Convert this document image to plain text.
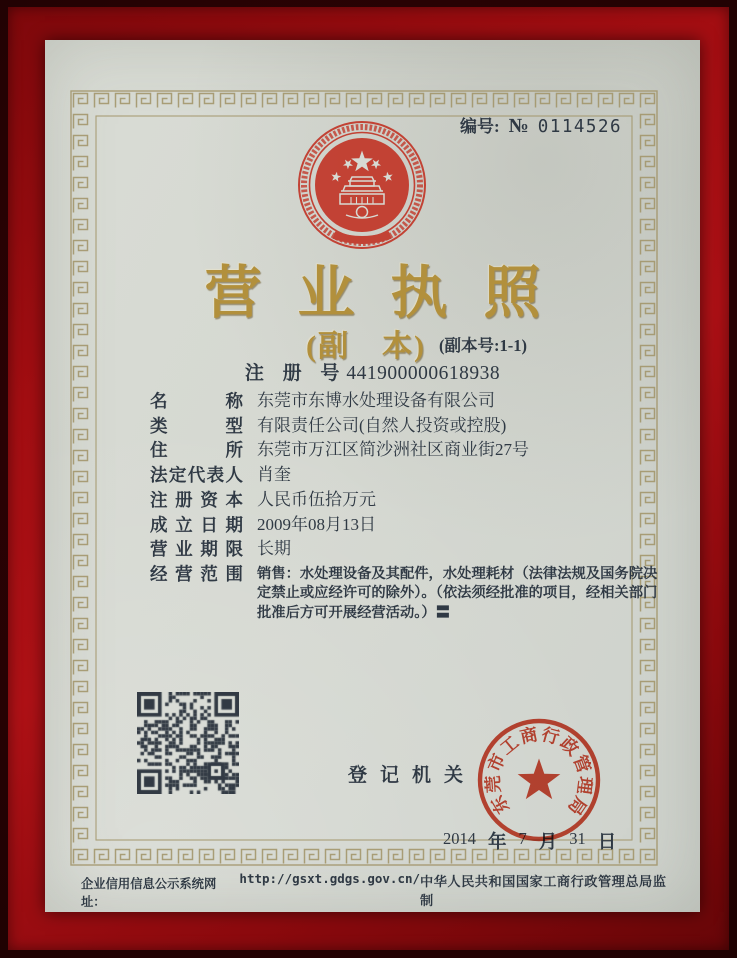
编号: № 0114526
营业执照
(副　本) (副本号:1-1)
注 册 号441900000618938
名称 东莞市东博水处理设备有限公司
类型 有限责任公司(自然人投资或控股)
住所 东莞市万江区简沙洲社区商业街27号
法定代表人 肖奎
注册资本 人民币伍拾万元
成立日期 2009年08月13日
营业期限 长期
经营范围 销售：水处理设备及其配件，水处理耗材（法律法规及国务院决定禁止或应经许可的除外）。（依法须经批准的项目，经相关部门批准后方可开展经营活动。）〓
登记机关
2014 年 7 月 31 日
东莞市工商行政管理局
企业信用信息公示系统网址：
http://gsxt.gdgs.gov.cn/ 中华人民共和国国家工商行政管理总局监制
